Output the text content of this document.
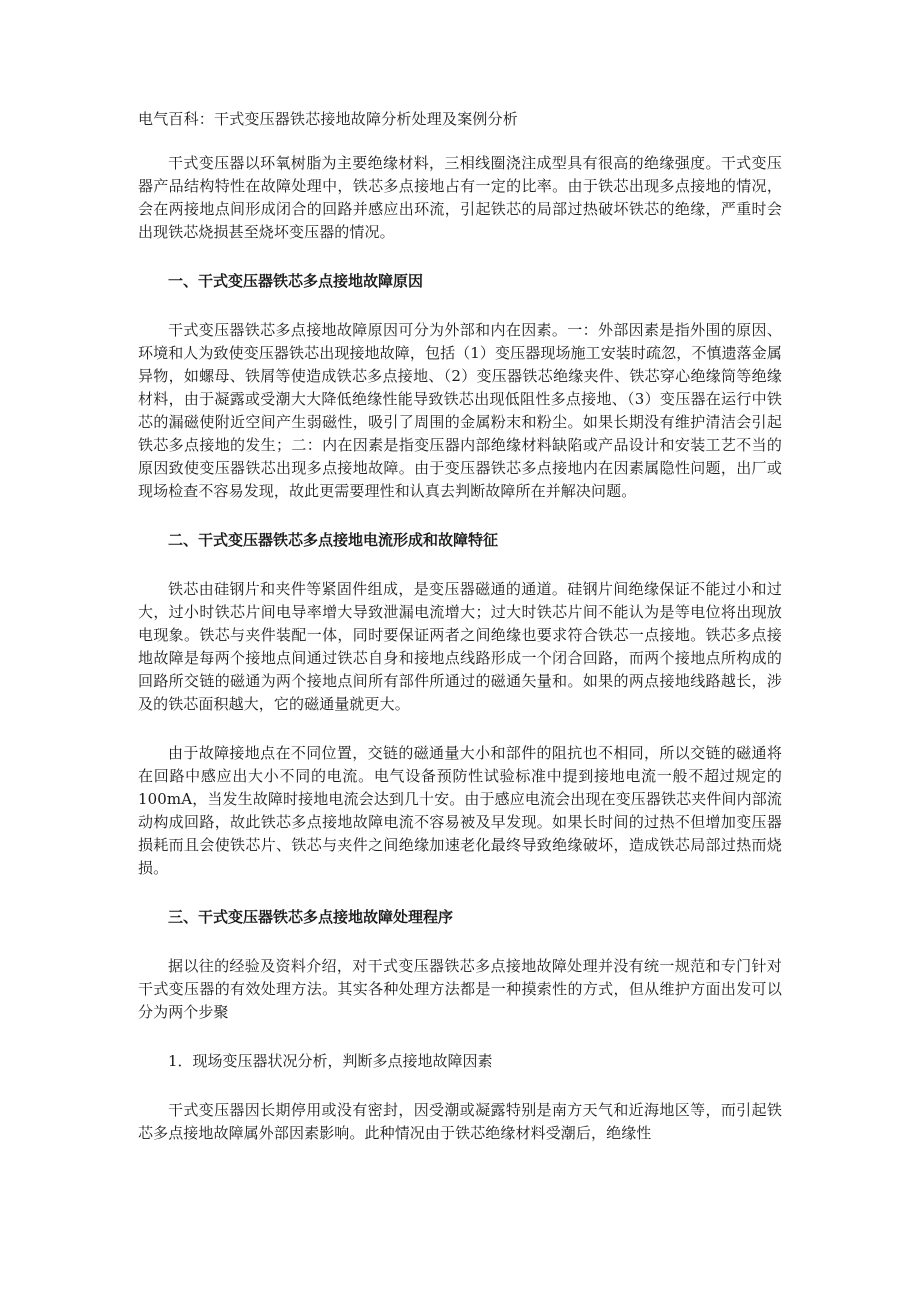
电气百科：干式变压器铁芯接地故障分析处理及案例分析

干式变压器以环氧树脂为主要绝缘材料，三相线圈浇注成型具有很高的绝缘强度。干式变压器产品结构特性在故障处理中，铁芯多点接地占有一定的比率。由于铁芯出现多点接地的情况，会在两接地点间形成闭合的回路并感应出环流，引起铁芯的局部过热破坏铁芯的绝缘，严重时会出现铁芯烧损甚至烧坏变压器的情况。

一、干式变压器铁芯多点接地故障原因

干式变压器铁芯多点接地故障原因可分为外部和内在因素。一：外部因素是指外围的原因、环境和人为致使变压器铁芯出现接地故障，包括（1）变压器现场施工安装时疏忽，不慎遗落金属异物，如螺母、铁屑等使造成铁芯多点接地、（2）变压器铁芯绝缘夹件、铁芯穿心绝缘筒等绝缘材料，由于凝露或受潮大大降低绝缘性能导致铁芯出现低阻性多点接地、（3）变压器在运行中铁芯的漏磁使附近空间产生弱磁性，吸引了周围的金属粉末和粉尘。如果长期没有维护清洁会引起铁芯多点接地的发生；二：内在因素是指变压器内部绝缘材料缺陷或产品设计和安装工艺不当的原因致使变压器铁芯出现多点接地故障。由于变压器铁芯多点接地内在因素属隐性问题，出厂或现场检查不容易发现，故此更需要理性和认真去判断故障所在并解决问题。

二、干式变压器铁芯多点接地电流形成和故障特征

铁芯由硅钢片和夹件等紧固件组成，是变压器磁通的通道。硅钢片间绝缘保证不能过小和过大，过小时铁芯片间电导率增大导致泄漏电流增大；过大时铁芯片间不能认为是等电位将出现放电现象。铁芯与夹件装配一体，同时要保证两者之间绝缘也要求符合铁芯一点接地。铁芯多点接地故障是每两个接地点间通过铁芯自身和接地点线路形成一个闭合回路，而两个接地点所构成的回路所交链的磁通为两个接地点间所有部件所通过的磁通矢量和。如果的两点接地线路越长，涉及的铁芯面积越大，它的磁通量就更大。

由于故障接地点在不同位置，交链的磁通量大小和部件的阻抗也不相同，所以交链的磁通将在回路中感应出大小不同的电流。电气设备预防性试验标准中提到接地电流一般不超过规定的100mA，当发生故障时接地电流会达到几十安。由于感应电流会出现在变压器铁芯夹件间内部流动构成回路，故此铁芯多点接地故障电流不容易被及早发现。如果长时间的过热不但增加变压器损耗而且会使铁芯片、铁芯与夹件之间绝缘加速老化最终导致绝缘破坏，造成铁芯局部过热而烧损。

三、干式变压器铁芯多点接地故障处理程序

据以往的经验及资料介绍，对干式变压器铁芯多点接地故障处理并没有统一规范和专门针对干式变压器的有效处理方法。其实各种处理方法都是一种摸索性的方式，但从维护方面出发可以分为两个步聚

1．现场变压器状况分析，判断多点接地故障因素

干式变压器因长期停用或没有密封，因受潮或凝露特别是南方天气和近海地区等，而引起铁芯多点接地故障属外部因素影响。此种情况由于铁芯绝缘材料受潮后，绝缘性
